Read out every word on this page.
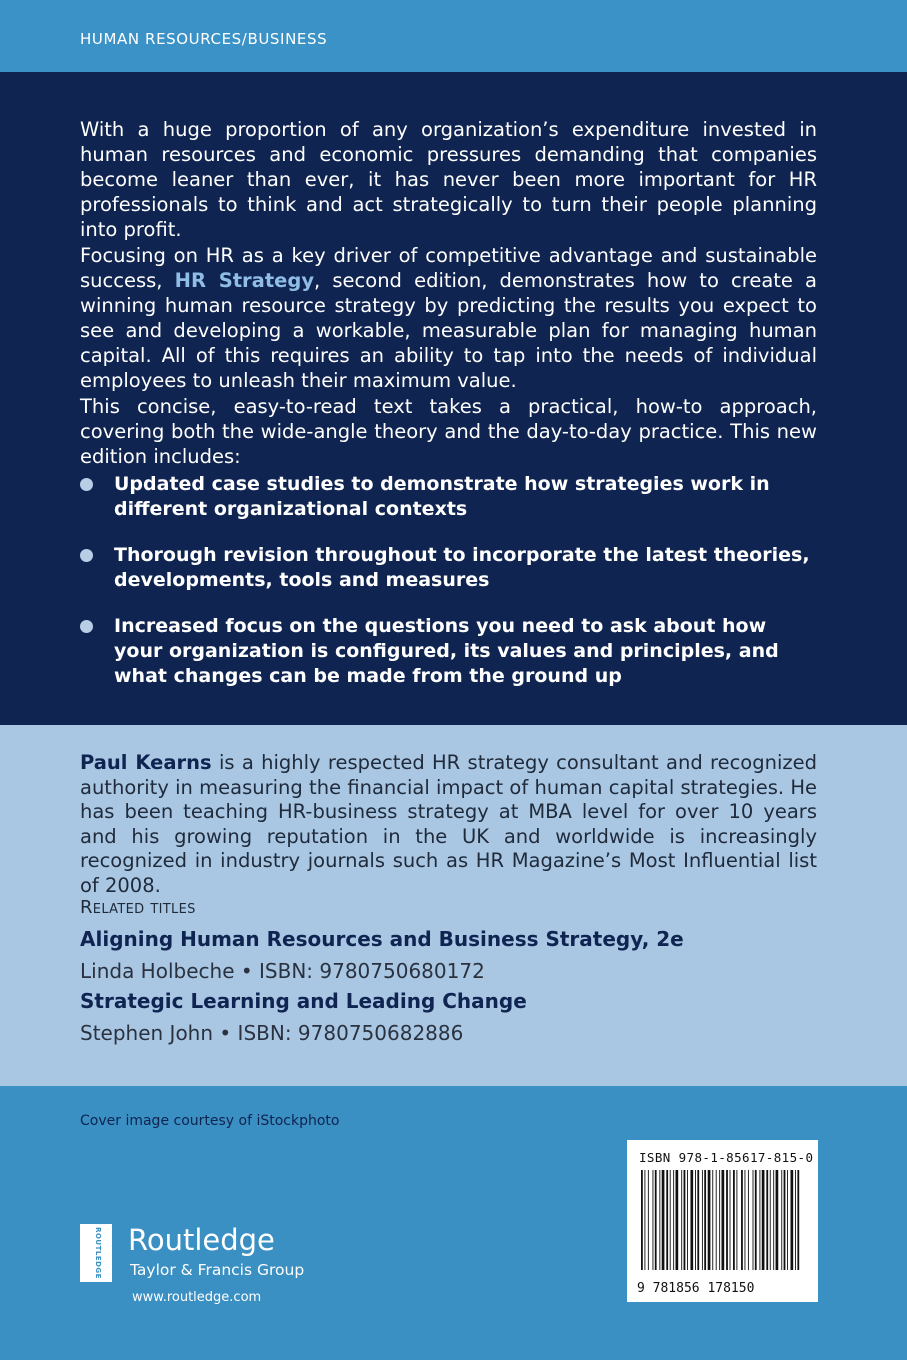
HUMAN RESOURCES/BUSINESS

With a huge proportion of any organization’s expenditure invested in human resources and economic pressures demanding that companies become leaner than ever, it has never been more important for HR professionals to think and act strategically to turn their people planning into profit.

Focusing on HR as a key driver of competitive advantage and sustainable success, HR Strategy, second edition, demonstrates how to create a winning human resource strategy by predicting the results you expect to see and developing a workable, measurable plan for managing human capital. All of this requires an ability to tap into the needs of individual employees to unleash their maximum value.

This concise, easy-to-read text takes a practical, how-to approach, covering both the wide-angle theory and the day-to-day practice. This new edition includes:

Updated case studies to demonstrate how strategies work in different organizational contexts
Thorough revision throughout to incorporate the latest theories, developments, tools and measures
Increased focus on the questions you need to ask about how your organization is configured, its values and principles, and what changes can be made from the ground up

Paul Kearns is a highly respected HR strategy consultant and recognized authority in measuring the financial impact of human capital strategies. He has been teaching HR-business strategy at MBA level for over 10 years and his growing reputation in the UK and worldwide is increasingly recognized in industry journals such as HR Magazine’s Most Influential list of 2008.

Related titles
Aligning Human Resources and Business Strategy, 2e
Linda Holbeche • ISBN: 9780750680172
Strategic Learning and Leading Change
Stephen John • ISBN: 9780750682886
Cover image courtesy of iStockphoto
ROUTLEDGE Routledge
Taylor & Francis Group
www.routledge.com
ISBN 978-1-85617-815-0
9 781856 178150
